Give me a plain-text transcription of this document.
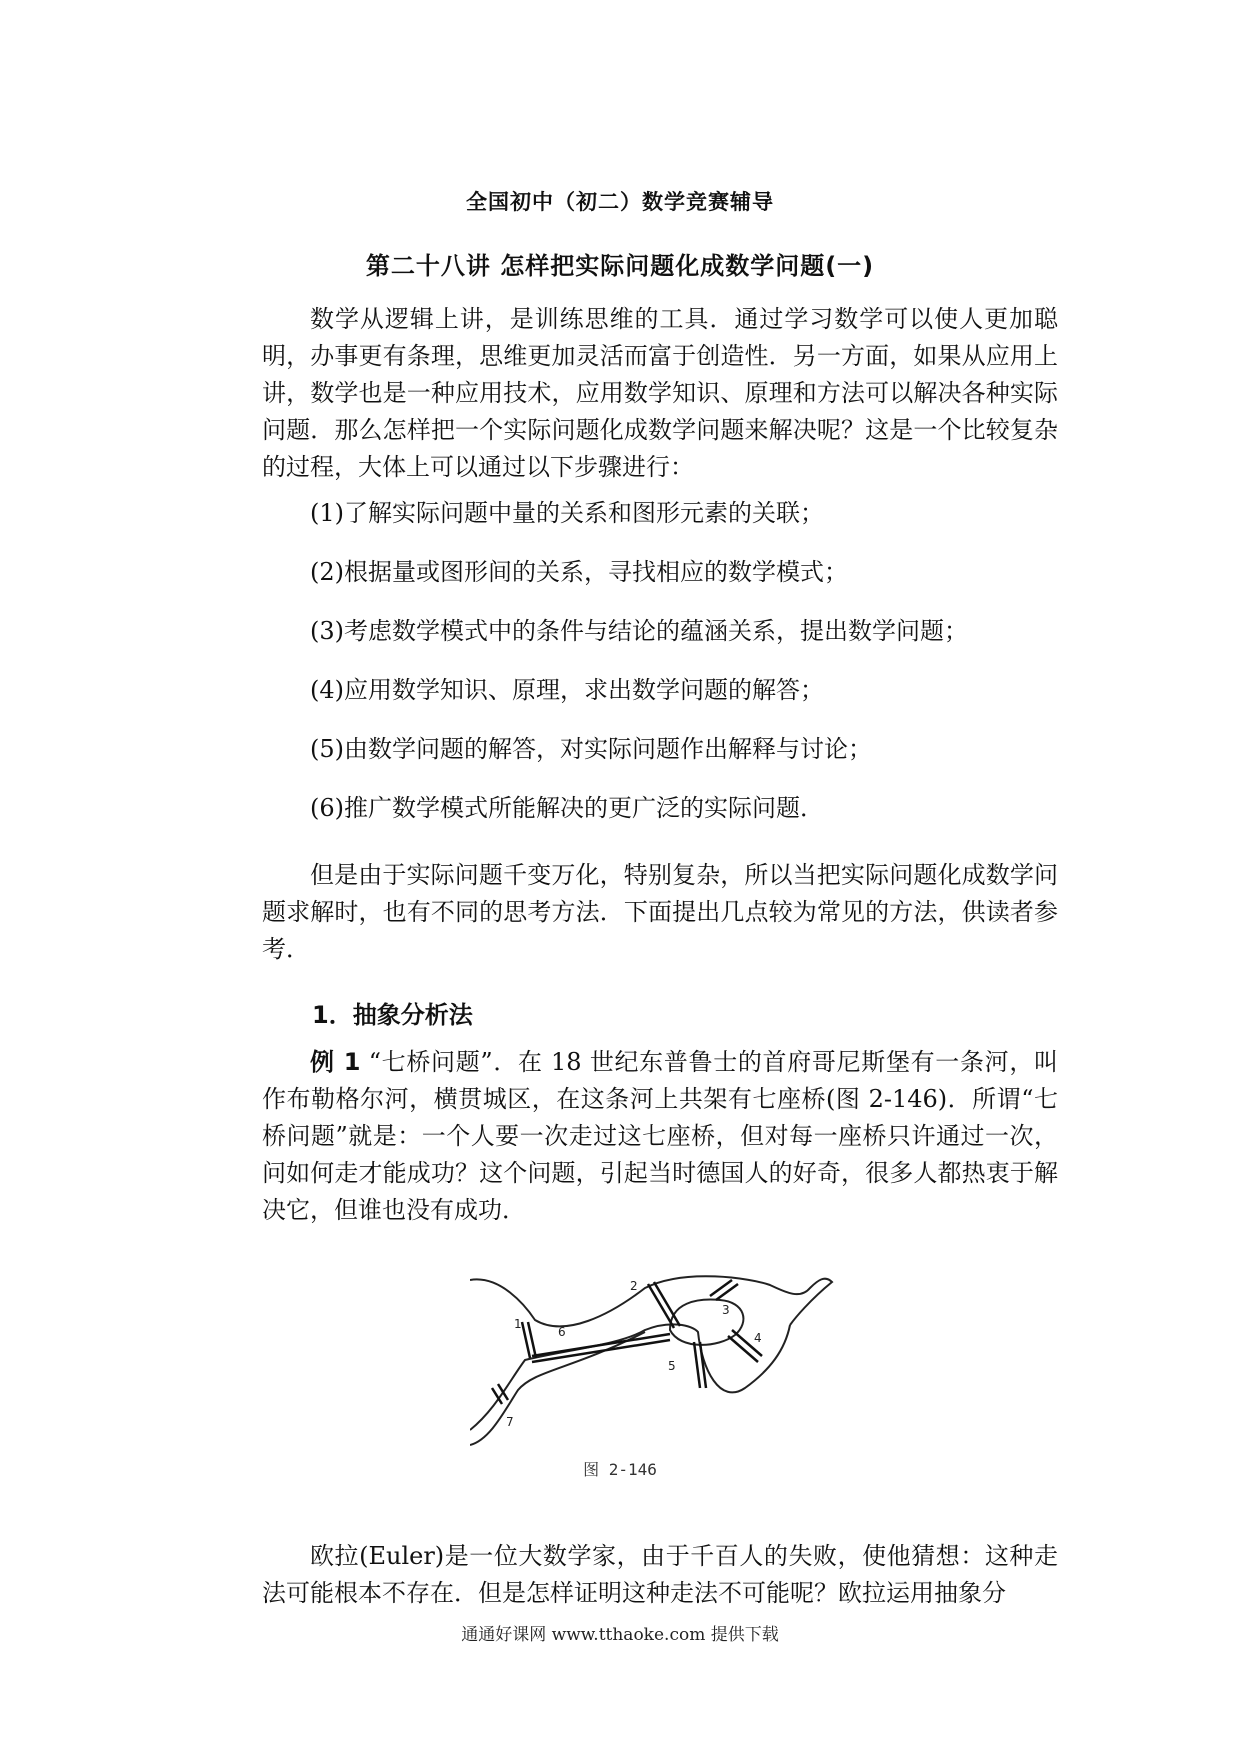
全国初中（初二）数学竞赛辅导
第二十八讲 怎样把实际问题化成数学问题(一)

数学从逻辑上讲，是训练思维的工具．通过学习数学可以使人更加聪明，办事更有条理，思维更加灵活而富于创造性．另一方面，如果从应用上讲，数学也是一种应用技术，应用数学知识、原理和方法可以解决各种实际问题．那么怎样把一个实际问题化成数学问题来解决呢？这是一个比较复杂的过程，大体上可以通过以下步骤进行：

(1)了解实际问题中量的关系和图形元素的关联；

(2)根据量或图形间的关系，寻找相应的数学模式；

(3)考虑数学模式中的条件与结论的蕴涵关系，提出数学问题；

(4)应用数学知识、原理，求出数学问题的解答；

(5)由数学问题的解答，对实际问题作出解释与讨论；

(6)推广数学模式所能解决的更广泛的实际问题．

但是由于实际问题千变万化，特别复杂，所以当把实际问题化成数学问题求解时，也有不同的思考方法．下面提出几点较为常见的方法，供读者参考．

1．抽象分析法

例 1 “七桥问题”．在 18 世纪东普鲁士的首府哥尼斯堡有一条河，叫作布勒格尔河，横贯城区，在这条河上共架有七座桥(图 2-146)．所谓“七桥问题”就是：一个人要一次走过这七座桥，但对每一座桥只许通过一次，问如何走才能成功？这个问题，引起当时德国人的好奇，很多人都热衷于解决它，但谁也没有成功．

1
2
3
4
5
6
7
图 2-146

欧拉(Euler)是一位大数学家，由于千百人的失败，使他猜想：这种走法可能根本不存在．但是怎样证明这种走法不可能呢？欧拉运用抽象分

通通好课网 www.tthaoke.com 提供下载
